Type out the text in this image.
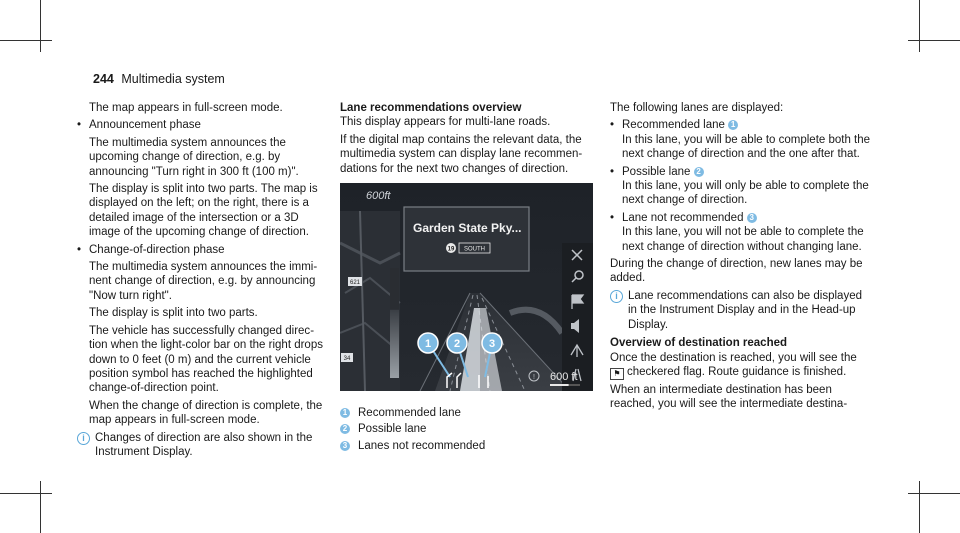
244 Multimedia system

The map appears in full-screen mode.

• Announcement phase

The multimedia system announces the upcoming change of direction, e.g. by announcing "Turn right in 300 ft (100 m)".

The display is split into two parts. The map is displayed on the left; on the right, there is a detailed image of the intersection or a 3D image of the upcoming change of direction.

• Change-of-direction phase

The multimedia system announces the imminent change of direction, e.g. by announcing "Now turn right".

The display is split into two parts.

The vehicle has successfully changed direction when the light-color bar on the right drops down to 0 feet (0 m) and the current vehicle position symbol has reached the highlighted change-of-direction point.

When the change of direction is complete, the map appears in full-screen mode.

i Changes of direction are also shown in the Instrument Display.

Lane recommendations overview

This display appears for multi-lane roads.

If the digital map contains the relevant data, the multimedia system can display lane recommendations for the next two changes of direction.

1 2	3
Garden State Pky...
19 SOUTH
600ft
621
34
! 600 ft

1 Recommended lane

2 Possible lane

3 Lanes not recommended

The following lanes are displayed:

• Recommended lane 1

In this lane, you will be able to complete both the next change of direction and the one after that.

• Possible lane 2

In this lane, you will only be able to complete the next change of direction.

• Lane not recommended 3

In this lane, you will not be able to complete the next change of direction without changing lane.

During the change of direction, new lanes may be added.

i Lane recommendations can also be displayed in the Instrument Display and in the Head-up Display.

Overview of destination reached

Once the destination is reached, you will see the
⚑ checkered flag. Route guidance is finished.

When an intermediate destination has been reached, you will see the intermediate destina-
